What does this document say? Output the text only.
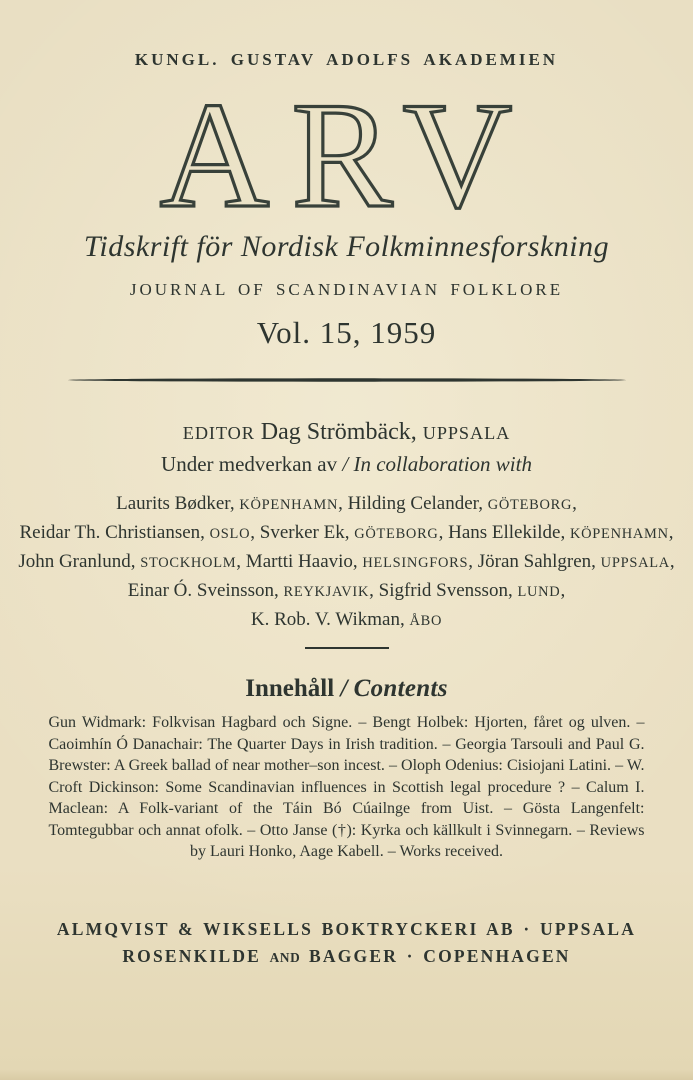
KUNGL. GUSTAV ADOLFS AKADEMIEN
ARV
Tidskrift för Nordisk Folkminnesforskning
JOURNAL OF SCANDINAVIAN FOLKLORE
Vol. 15, 1959
EDITOR Dag Strömbäck, UPPSALA
Under medverkan av / In collaboration with
Laurits Bødker, KÖPENHAMN, Hilding Celander, GÖTEBORG,
Reidar Th. Christiansen, OSLO, Sverker Ek, GÖTEBORG, Hans Ellekilde, KÖPENHAMN,
John Granlund, STOCKHOLM, Martti Haavio, HELSINGFORS, Jöran Sahlgren, UPPSALA,
Einar Ó. Sveinsson, REYKJAVIK, Sigfrid Svensson, LUND,
K. Rob. V. Wikman, ÅBO
Innehåll / Contents
Gun Widmark: Folkvisan Hagbard och Signe. – Bengt Holbek: Hjorten, fåret og ulven. – Caoimhín Ó Danachair: The Quarter Days in Irish tradition. – Georgia Tarsouli and Paul G. Brewster: A Greek ballad of near mother–son incest. – Oloph Odenius: Cisiojani Latini. – W. Croft Dickinson: Some Scandinavian influences in Scottish legal procedure ? – Calum I. Maclean: A Folk-variant of the Táin Bó Cúailnge from Uist. – Gösta Langenfelt: Tomtegubbar och annat ofolk. – Otto Janse (†): Kyrka och källkult i Svinnegarn. – Reviews by Lauri Honko, Aage Kabell. – Works received.
ALMQVIST & WIKSELLS BOKTRYCKERI AB · UPPSALA
ROSENKILDE AND BAGGER · COPENHAGEN
